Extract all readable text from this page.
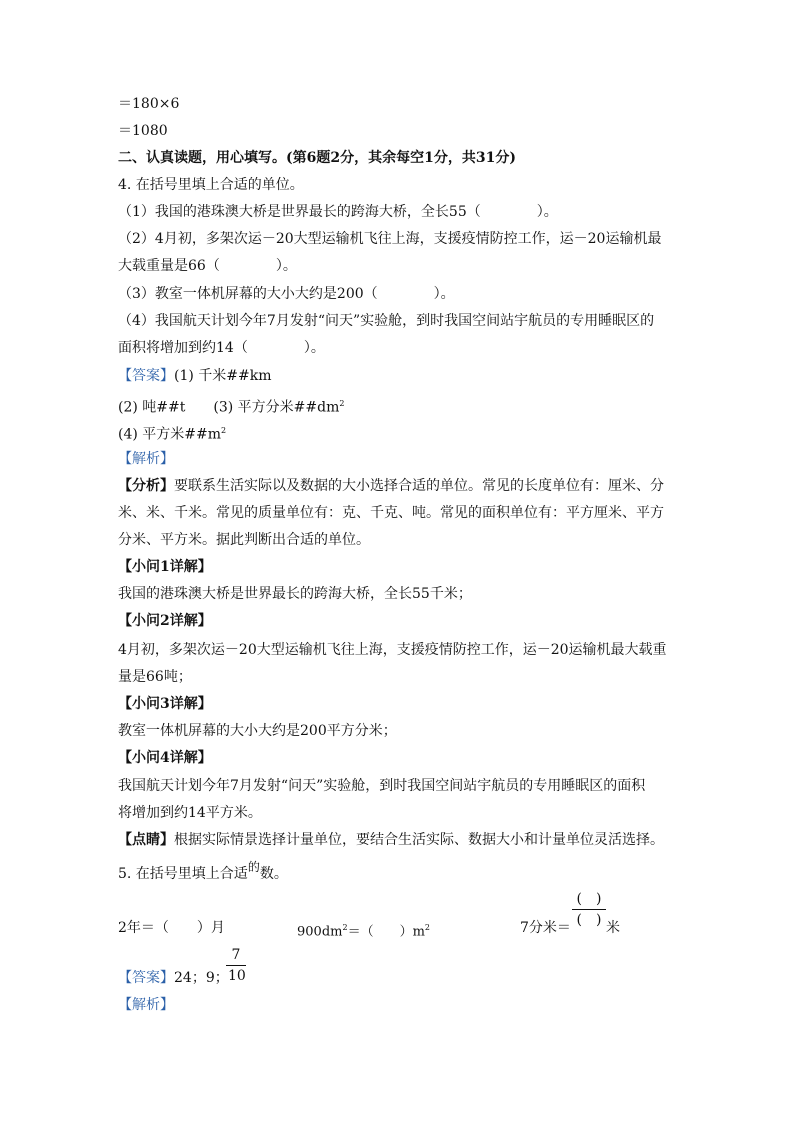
＝180×6
＝1080
二、认真读题，用心填写。(第6题2分，其余每空1分，共31分)
4. 在括号里填上合适的单位。
（1）我国的港珠澳大桥是世界最长的跨海大桥，全长55（　　　　）。
（2）4月初，多架次运－20大型运输机飞往上海，支援疫情防控工作，运－20运输机最
大载重量是66（　　　　）。
（3）教室一体机屏幕的大小大约是200（　　　　）。
（4）我国航天计划今年7月发射“问天”实验舱，到时我国空间站宇航员的专用睡眠区的
面积将增加到约14（　　　　）。
【答案】(1) 千米##km
(2) 吨##t　　(3) 平方分米$\#\#dm^2$
(4) 平方米$\#\#m^2$
【解析】
【分析】要联系生活实际以及数据的大小选择合适的单位。常见的长度单位有：厘米、分
米、米、千米。常见的质量单位有：克、千克、吨。常见的面积单位有：平方厘米、平方
分米、平方米。据此判断出合适的单位。
【小问1详解】
我国的港珠澳大桥是世界最长的跨海大桥，全长55千米；
【小问2详解】
4月初，多架次运－20大型运输机飞往上海，支援疫情防控工作，运－20运输机最大载重
量是66吨；
【小问3详解】
教室一体机屏幕的大小大约是200平方分米；
【小问4详解】
我国航天计划今年7月发射“问天”实验舱，到时我国空间站宇航员的专用睡眠区的面积
将增加到约14平方米。
【点睛】根据实际情景选择计量单位，要结合生活实际、数据大小和计量单位灵活选择。
5. 在括号里填上合适的数。
2年＝（　　）月	$900dm^2=$（　　）$m^2$	7分米＝
(　)
(　) 米
【答案】24；9；
7
10
【解析】
